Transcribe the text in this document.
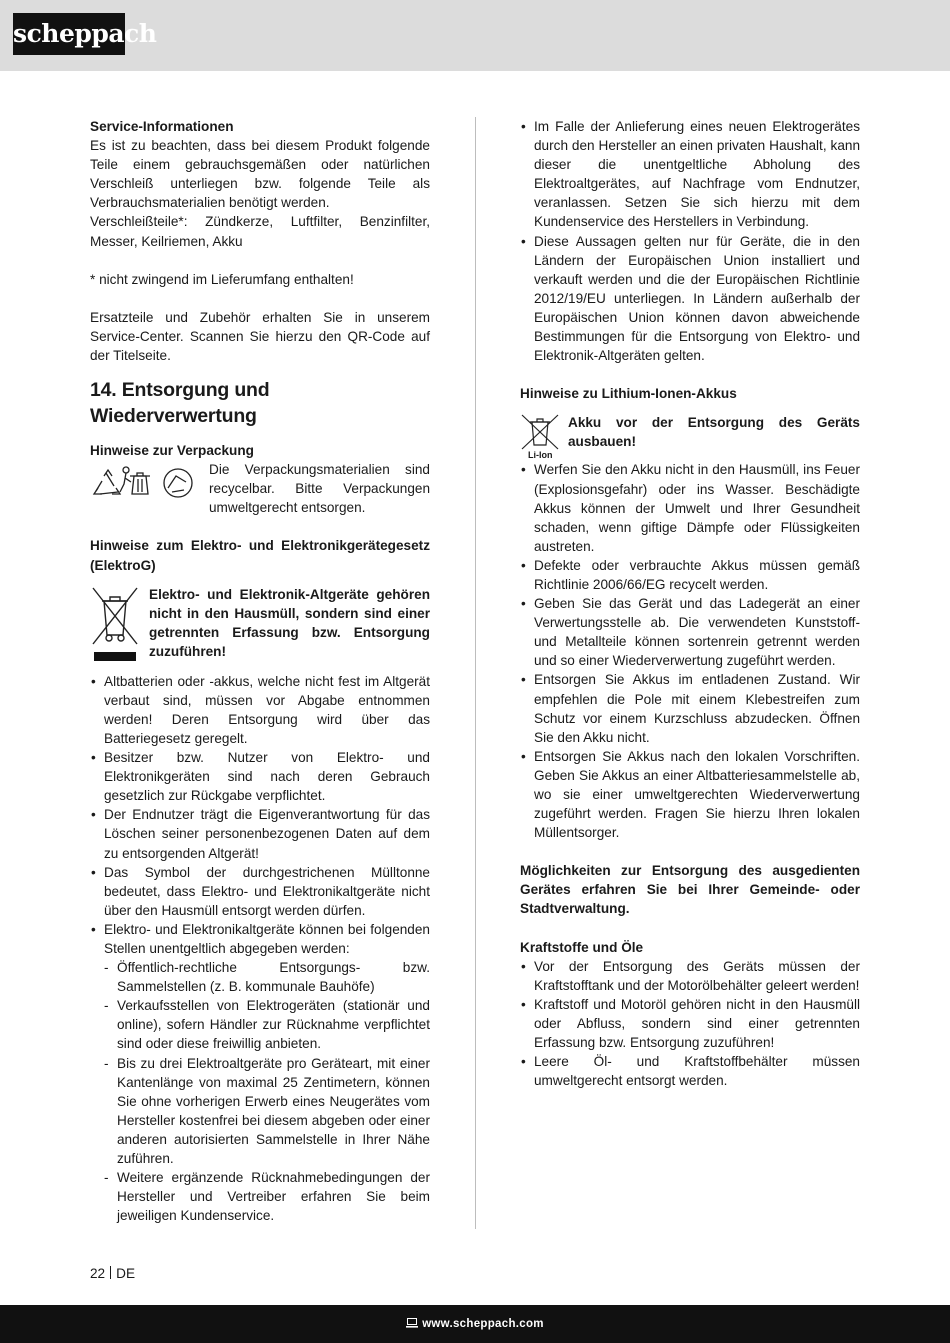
scheppach

Service-Informationen

Es ist zu beachten, dass bei diesem Produkt folgende Teile einem gebrauchsgemäßen oder natürlichen Verschleiß unterliegen bzw. folgende Teile als Verbrauchsmaterialien benötigt werden.

Verschleißteile*: Zündkerze, Luftfilter, Benzinfilter, Messer, Keilriemen, Akku

* nicht zwingend im Lieferumfang enthalten!

Ersatzteile und Zubehör erhalten Sie in unserem Service-Center. Scannen Sie hierzu den QR-Code auf der Titelseite.

14. Entsorgung und Wiederverwertung

Hinweise zur Verpackung

Die Verpackungsmaterialien sind recycelbar. Bitte Verpackungen umweltgerecht entsorgen.

Hinweise zum Elektro- und Elektronikgerätegesetz (ElektroG)

Elektro- und Elektronik-Altgeräte gehören nicht in den Hausmüll, sondern sind einer getrennten Erfassung bzw. Entsorgung zuzuführen!

• Altbatterien oder -akkus, welche nicht fest im Altgerät verbaut sind, müssen vor Abgabe entnommen werden! Deren Entsorgung wird über das Batteriegesetz geregelt.
• Besitzer bzw. Nutzer von Elektro- und Elektronikgeräten sind nach deren Gebrauch gesetzlich zur Rückgabe verpflichtet.
• Der Endnutzer trägt die Eigenverantwortung für das Löschen seiner personenbezogenen Daten auf dem zu entsorgenden Altgerät!
• Das Symbol der durchgestrichenen Mülltonne bedeutet, dass Elektro- und Elektronikaltgeräte nicht über den Hausmüll entsorgt werden dürfen.
• Elektro- und Elektronikaltgeräte können bei folgenden Stellen unentgeltlich abgegeben werden:
- Öffentlich-rechtliche Entsorgungs- bzw. Sammelstellen (z. B. kommunale Bauhöfe)
- Verkaufsstellen von Elektrogeräten (stationär und online), sofern Händler zur Rücknahme verpflichtet sind oder diese freiwillig anbieten.
- Bis zu drei Elektroaltgeräte pro Geräteart, mit einer Kantenlänge von maximal 25 Zentimetern, können Sie ohne vorherigen Erwerb eines Neugerätes vom Hersteller kostenfrei bei diesem abgeben oder einer anderen autorisierten Sammelstelle in Ihrer Nähe zuführen.
- Weitere ergänzende Rücknahmebedingungen der Hersteller und Vertreiber erfahren Sie beim jeweiligen Kundenservice.
• Im Falle der Anlieferung eines neuen Elektrogerätes durch den Hersteller an einen privaten Haushalt, kann dieser die unentgeltliche Abholung des Elektroaltgerätes, auf Nachfrage vom Endnutzer, veranlassen. Setzen Sie sich hierzu mit dem Kundenservice des Herstellers in Verbindung.
• Diese Aussagen gelten nur für Geräte, die in den Ländern der Europäischen Union installiert und verkauft werden und die der Europäischen Richtlinie 2012/19/EU unterliegen. In Ländern außerhalb der Europäischen Union können davon abweichende Bestimmungen für die Entsorgung von Elektro- und Elektronik-Altgeräten gelten.

Hinweise zu Lithium-Ionen-Akkus

Li-Ion

Akku vor der Entsorgung des Geräts ausbauen!

• Werfen Sie den Akku nicht in den Hausmüll, ins Feuer (Explosionsgefahr) oder ins Wasser. Beschädigte Akkus können der Umwelt und Ihrer Gesundheit schaden, wenn giftige Dämpfe oder Flüssigkeiten austreten.
• Defekte oder verbrauchte Akkus müssen gemäß Richtlinie 2006/66/EG recycelt werden.
• Geben Sie das Gerät und das Ladegerät an einer Verwertungsstelle ab. Die verwendeten Kunststoff- und Metallteile können sortenrein getrennt werden und so einer Wiederverwertung zugeführt werden.
• Entsorgen Sie Akkus im entladenen Zustand. Wir empfehlen die Pole mit einem Klebestreifen zum Schutz vor einem Kurzschluss abzudecken. Öffnen Sie den Akku nicht.
• Entsorgen Sie Akkus nach den lokalen Vorschriften. Geben Sie Akkus an einer Altbatteriesammelstelle ab, wo sie einer umweltgerechten Wiederverwertung zugeführt werden. Fragen Sie hierzu Ihren lokalen Müllentsorger.

Möglichkeiten zur Entsorgung des ausgedienten Gerätes erfahren Sie bei Ihrer Gemeinde- oder Stadtverwaltung.

Kraftstoffe und Öle

• Vor der Entsorgung des Geräts müssen der Kraftstofftank und der Motorölbehälter geleert werden!
• Kraftstoff und Motoröl gehören nicht in den Hausmüll oder Abfluss, sondern sind einer getrennten Erfassung bzw. Entsorgung zuzuführen!
• Leere Öl- und Kraftstoffbehälter müssen umweltgerecht entsorgt werden.
22 DE
www.scheppach.com
